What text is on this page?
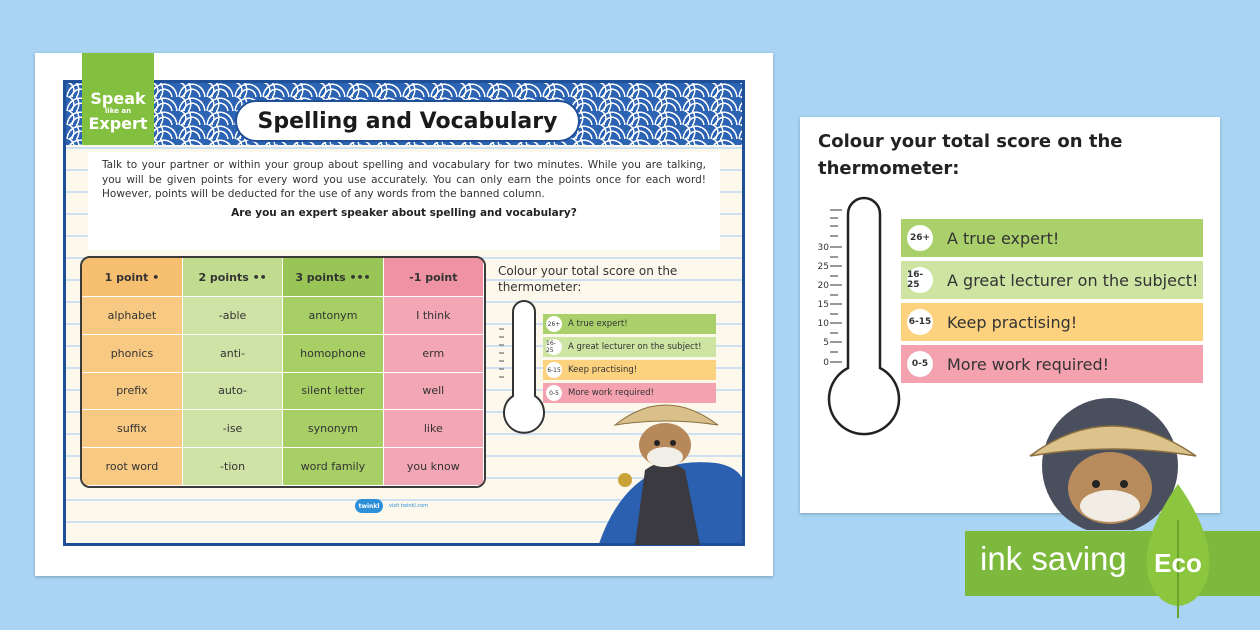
Speak
like an
Expert	Spelling and Vocabulary

Talk to your partner or within your group about spelling and vocabulary for two minutes. While you are talking, you will be given points for every word you use accurately. You can only earn the points once for each word! However, points will be deducted for the use of any words from the banned column.

Are you an expert speaker about spelling and vocabulary?

1 point •	2 points ••	3 points •••	-1 point
alphabet	-able	antonym	I think
phonics	anti-	homophone	erm
prefix	auto-	silent letter	well
suffix	-ise	synonym	like
root word	-tion	word family	you know
Colour your total score on the thermometer:
26+ A true expert!
16-25	A great lecturer on the subject!
6-15 Keep practising!
0-5	More work required!
twinkl	visit twinkl.com
Colour your total score on the thermometer:
30
25
20
15
10
5
0
26+ A true expert!
16-25	A great lecturer on the subject!
6-15 Keep practising!
0-5	More work required!
ink saving Eco
